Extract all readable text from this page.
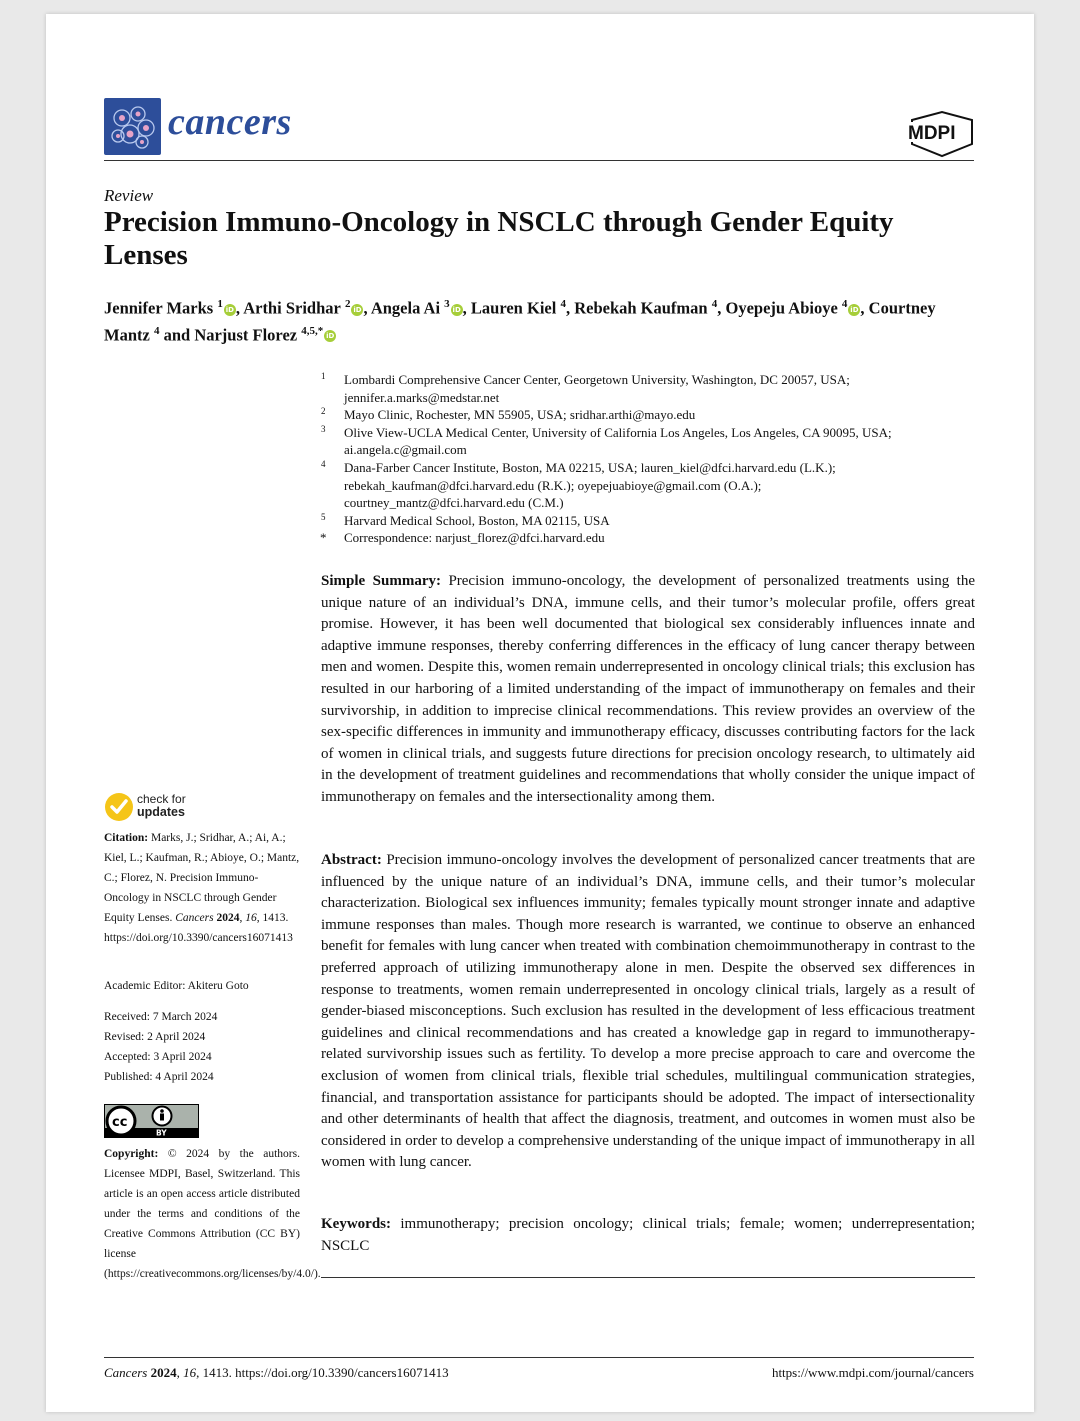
cancers	MDPI
Review
Precision Immuno-Oncology in NSCLC through Gender Equity Lenses
Jennifer Marks $^1$ iD , Arthi Sridhar $^2$ iD , Angela Ai $^3$ iD , Lauren Kiel $^4$, Rebekah Kaufman $^4$, Oyepeju Abioye $^4$ iD , Courtney Mantz $^4$ and Narjust Florez $^{4,5,*}$ iD
1 Lombardi Comprehensive Cancer Center, Georgetown University, Washington, DC 20057, USA;
jennifer.a.marks@medstar.net
2 Mayo Clinic, Rochester, MN 55905, USA; sridhar.arthi@mayo.edu
3 Olive View-UCLA Medical Center, University of California Los Angeles, Los Angeles, CA 90095, USA;
ai.angela.c@gmail.com
4 Dana-Farber Cancer Institute, Boston, MA 02215, USA; lauren_kiel@dfci.harvard.edu (L.K.);
rebekah_kaufman@dfci.harvard.edu (R.K.); oyepejuabioye@gmail.com (O.A.);
courtney_mantz@dfci.harvard.edu (C.M.)
5 Harvard Medical School, Boston, MA 02115, USA
* Correspondence: narjust_florez@dfci.harvard.edu
Simple Summary: Precision immuno-oncology, the development of personalized treatments using the unique nature of an individual’s DNA, immune cells, and their tumor’s molecular profile, offers great promise. However, it has been well documented that biological sex considerably influences innate and adaptive immune responses, thereby conferring differences in the efficacy of lung cancer therapy between men and women. Despite this, women remain underrepresented in oncology clinical trials; this exclusion has resulted in our harboring of a limited understanding of the impact of immunotherapy on females and their survivorship, in addition to imprecise clinical recommendations. This review provides an overview of the sex-specific differences in immunity and immunotherapy efficacy, discusses contributing factors for the lack of women in clinical trials, and suggests future directions for precision oncology research, to ultimately aid in the development of treatment guidelines and recommendations that wholly consider the unique impact of immunotherapy on females and the intersectionality among them.
Abstract: Precision immuno-oncology involves the development of personalized cancer treatments that are influenced by the unique nature of an individual’s DNA, immune cells, and their tumor’s molecular characterization. Biological sex influences immunity; females typically mount stronger innate and adaptive immune responses than males. Though more research is warranted, we continue to observe an enhanced benefit for females with lung cancer when treated with combination chemoimmunotherapy in contrast to the preferred approach of utilizing immunotherapy alone in men. Despite the observed sex differences in response to treatments, women remain underrepresented in oncology clinical trials, largely as a result of gender-biased misconceptions. Such exclusion has resulted in the development of less efficacious treatment guidelines and clinical recommendations and has created a knowledge gap in regard to immunotherapy-related survivorship issues such as fertility. To develop a more precise approach to care and overcome the exclusion of women from clinical trials, flexible trial schedules, multilingual communication strategies, financial, and transportation assistance for participants should be adopted. The impact of intersectionality and other determinants of health that affect the diagnosis, treatment, and outcomes in women must also be considered in order to develop a comprehensive understanding of the unique impact of immunotherapy in all women with lung cancer.
Keywords: immunotherapy; precision oncology; clinical trials; female; women; underrepresentation; NSCLC
check for
updates
Citation: Marks, J.; Sridhar, A.; Ai, A.; Kiel, L.; Kaufman, R.; Abioye, O.; Mantz, C.; Florez, N. Precision Immuno-Oncology in NSCLC through Gender Equity Lenses. Cancers 2024, 16, 1413. https://doi.org/10.3390/cancers16071413
Academic Editor: Akiteru Goto
Received: 7 March 2024
Revised: 2 April 2024
Accepted: 3 April 2024
Published: 4 April 2024
cc
BY
Copyright: © 2024 by the authors. Licensee MDPI, Basel, Switzerland. This article is an open access article distributed under the terms and conditions of the Creative Commons Attribution (CC BY) license (https://creativecommons.org/licenses/by/4.0/).
Cancers 2024, 16, 1413. https://doi.org/10.3390/cancers16071413	https://www.mdpi.com/journal/cancers
